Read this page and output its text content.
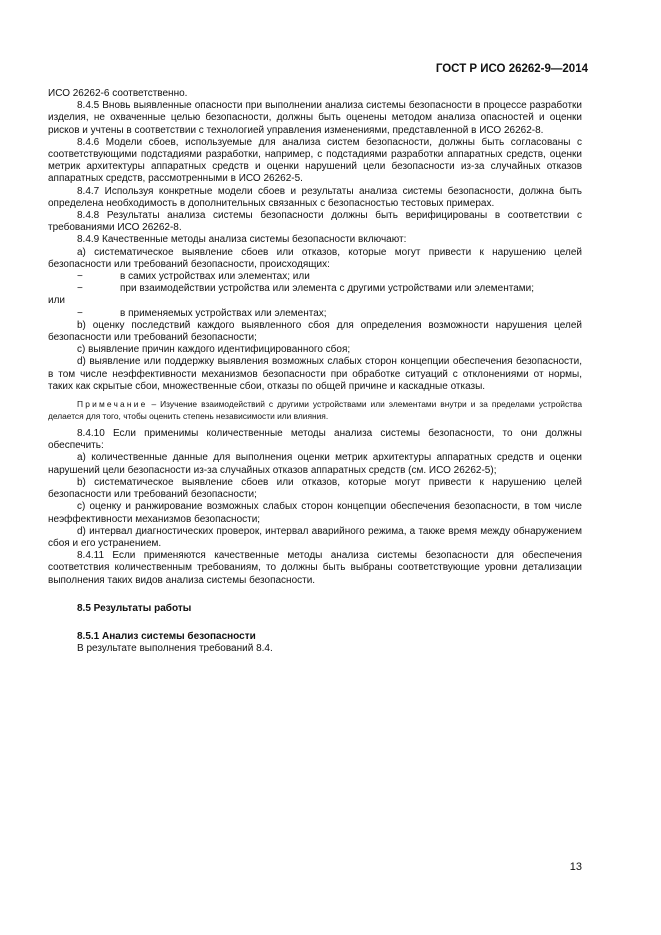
ГОСТ Р ИСО 26262-9—2014

ИСО 26262-6 соответственно.

8.4.5 Вновь выявленные опасности при выполнении анализа системы безопасности в процессе разработки изделия, не охваченные целью безопасности, должны быть оценены методом анализа опасностей и оценки рисков и учтены в соответствии с технологией управления изменениями, представленной в ИСО 26262-8.

8.4.6 Модели сбоев, используемые для анализа систем безопасности, должны быть согласованы с соответствующими подстадиями разработки, например, с подстадиями разработки аппаратных средств, оценки метрик архитектуры аппаратных средств и оценки нарушений цели безопасности из-за случайных отказов аппаратных средств, рассмотренными в ИСО 26262-5.

8.4.7 Используя конкретные модели сбоев и результаты анализа системы безопасности, должна быть определена необходимость в дополнительных связанных с безопасностью тестовых примерах.

8.4.8 Результаты анализа системы безопасности должны быть верифицированы в соответствии с требованиями ИСО 26262-8.

8.4.9 Качественные методы анализа системы безопасности включают:

а) систематическое выявление сбоев или отказов, которые могут привести к нарушению целей безопасности или требований безопасности, происходящих:

−	в самих устройствах или элементах; или
−	при взаимодействии устройства или элемента с другими устройствами или элементами;

или

−	в применяемых устройствах или элементах;

b) оценку последствий каждого выявленного сбоя для определения возможности нарушения целей безопасности или требований безопасности;

с) выявление причин каждого идентифицированного сбоя;

d) выявление или поддержку выявления возможных слабых сторон концепции обеспечения безопасности, в том числе неэффективности механизмов безопасности при обработке ситуаций с отклонениями от нормы, таких как скрытые сбои, множественные сбои, отказы по общей причине и каскадные отказы.

Примечание – Изучение взаимодействий с другими устройствами или элементами внутри и за пределами устройства делается для того, чтобы оценить степень независимости или влияния.

8.4.10 Если применимы количественные методы анализа системы безопасности, то они должны обеспечить:

а) количественные данные для выполнения оценки метрик архитектуры аппаратных средств и оценки нарушений цели безопасности из-за случайных отказов аппаратных средств (см. ИСО 26262-5);

b) систематическое выявление сбоев или отказов, которые могут привести к нарушению целей безопасности или требований безопасности;

с) оценку и ранжирование возможных слабых сторон концепции обеспечения безопасности, в том числе неэффективности механизмов безопасности;

d) интервал диагностических проверок, интервал аварийного режима, а также время между обнаружением сбоя и его устранением.

8.4.11 Если применяются качественные методы анализа системы безопасности для обеспечения соответствия количественным требованиям, то должны быть выбраны соответствующие уровни детализации выполнения таких видов анализа системы безопасности.

8.5 Результаты работы

8.5.1 Анализ системы безопасности

В результате выполнения требований 8.4.

13
